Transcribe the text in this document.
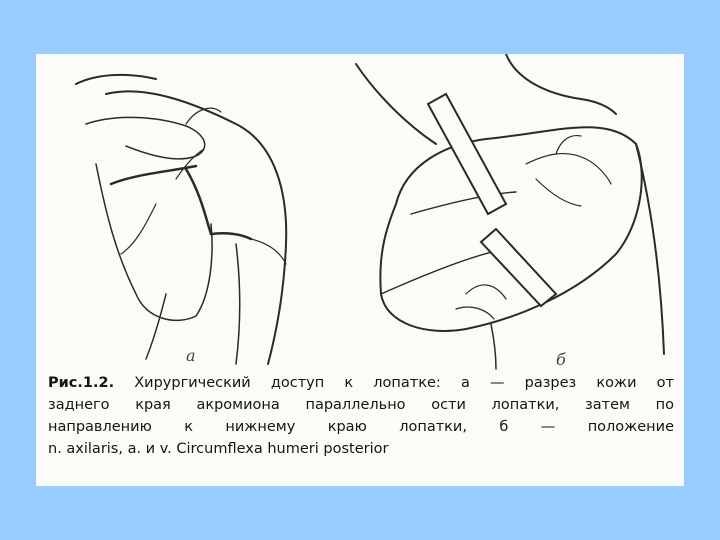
а	б
Рис.1.2. Хирургический доступ к лопатке: а — разрез кожи от
заднего края акромиона параллельно ости лопатки, затем по
направлению к нижнему краю лопатки, б — положение
n. axilaris, a. и v. Circumflexa humeri posterior
